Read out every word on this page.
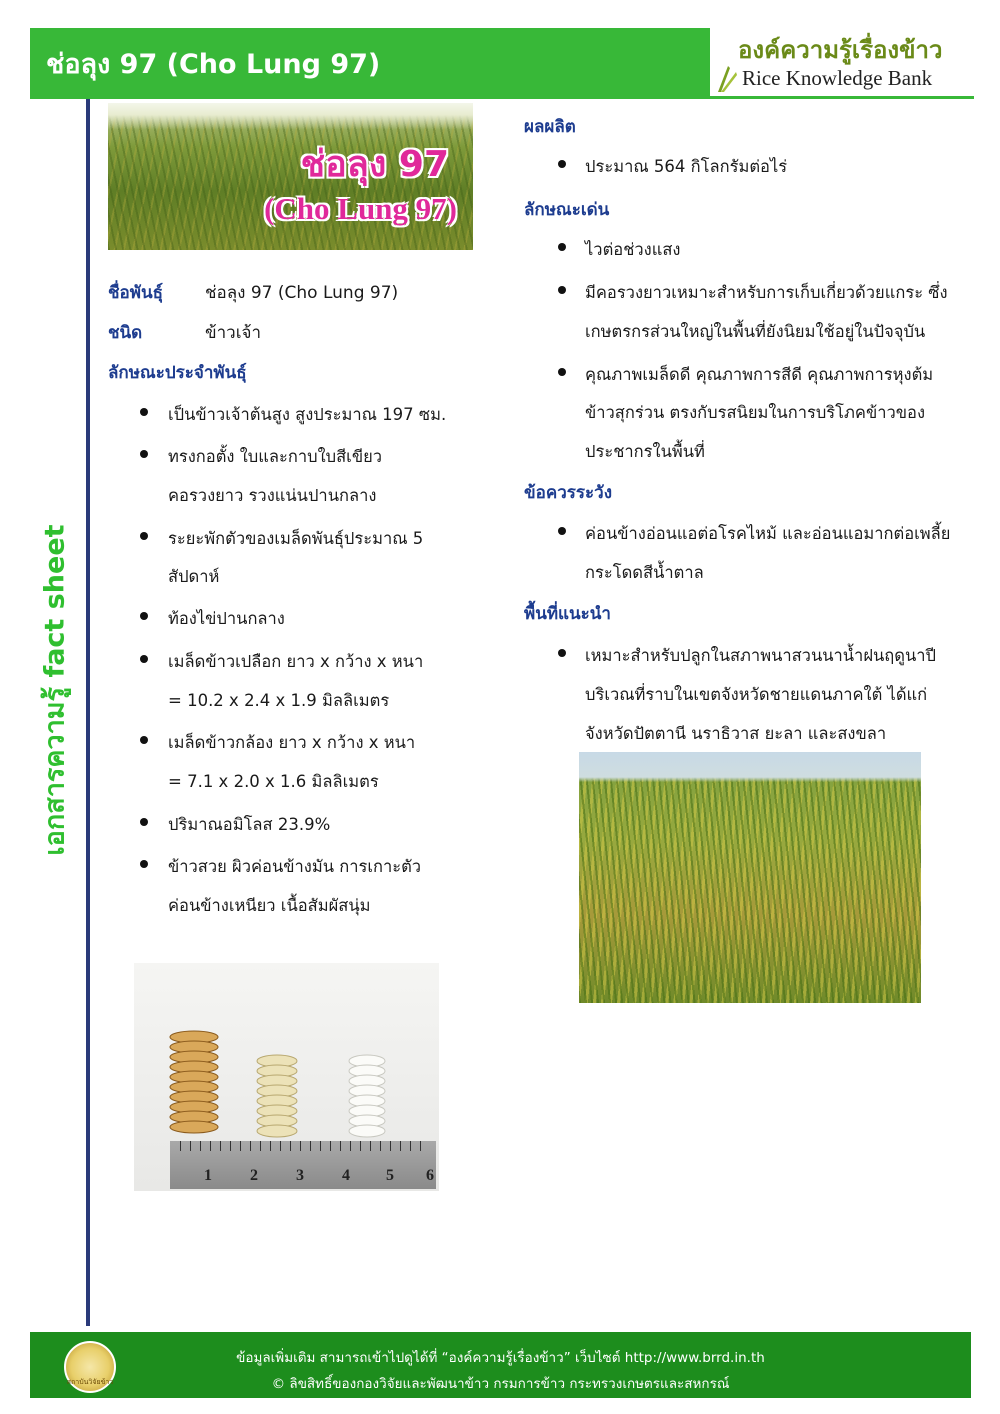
ช่อลุง 97 (Cho Lung 97)	องค์ความรู้เรื่องข้าว
Rice Knowledge Bank
เอกสารความรู้ fact sheet
ช่อลุง 97
(Cho Lung 97)
ชื่อพันธุ์ ช่อลุง 97 (Cho Lung 97)
ชนิด	ข้าวเจ้า
ลักษณะประจำพันธุ์
เป็นข้าวเจ้าต้นสูง สูงประมาณ 197 ซม.
ทรงกอตั้ง ใบและกาบใบสีเขียว
คอรวงยาว รวงแน่นปานกลาง
ระยะพักตัวของเมล็ดพันธุ์ประมาณ 5
สัปดาห์
ท้องไข่ปานกลาง
เมล็ดข้าวเปลือก ยาว x กว้าง x หนา
= 10.2 x 2.4 x 1.9 มิลลิเมตร
เมล็ดข้าวกล้อง ยาว x กว้าง x หนา
= 7.1 x 2.0 x 1.6 มิลลิเมตร
ปริมาณอมิโลส 23.9%
ข้าวสวย ผิวค่อนข้างมัน การเกาะตัว
ค่อนข้างเหนียว เนื้อสัมผัสนุ่ม
1 2 3 4 5 6
ผลผลิต
ประมาณ 564 กิโลกรัมต่อไร่
ลักษณะเด่น
ไวต่อช่วงแสง
มีคอรวงยาวเหมาะสำหรับการเก็บเกี่ยวด้วยแกระ ซึ่ง
เกษตรกรส่วนใหญ่ในพื้นที่ยังนิยมใช้อยู่ในปัจจุบัน
คุณภาพเมล็ดดี คุณภาพการสีดี คุณภาพการหุงต้ม
ข้าวสุกร่วน ตรงกับรสนิยมในการบริโภคข้าวของ
ประชากรในพื้นที่
ข้อควรระวัง
ค่อนข้างอ่อนแอต่อโรคไหม้ และอ่อนแอมากต่อเพลี้ย
กระโดดสีน้ำตาล
พื้นที่แนะนำ
เหมาะสำหรับปลูกในสภาพนาสวนนาน้ำฝนฤดูนาปี
บริเวณที่ราบในเขตจังหวัดชายแดนภาคใต้ ได้แก่
จังหวัดปัตตานี นราธิวาส ยะลา และสงขลา
สถาบันวิจัยข้าว
ข้อมูลเพิ่มเติม สามารถเข้าไปดูได้ที่ “องค์ความรู้เรื่องข้าว” เว็บไซต์ http://www.brrd.in.th
© ลิขสิทธิ์ของกองวิจัยและพัฒนาข้าว กรมการข้าว กระทรวงเกษตรและสหกรณ์
